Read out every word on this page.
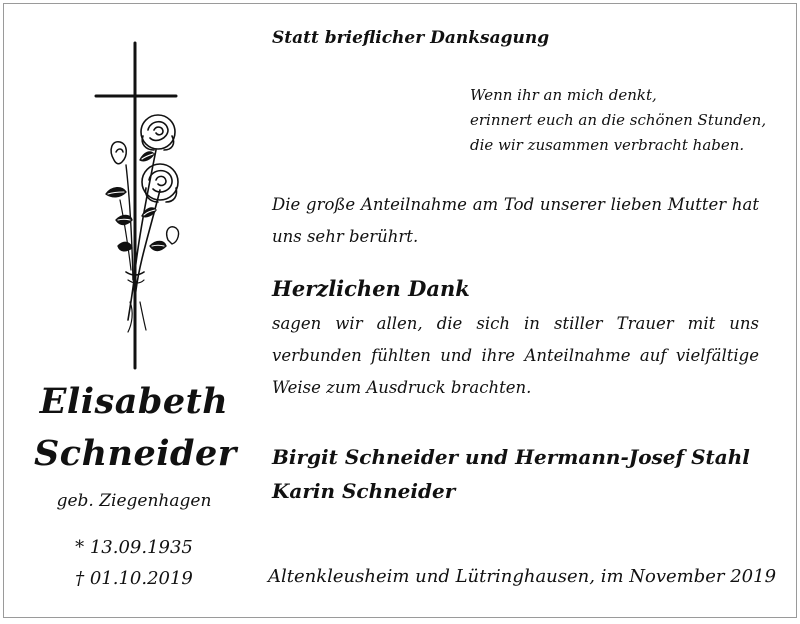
Elisabeth
Schneider
geb. Ziegenhagen
* 13.09.1935
† 01.10.2019
Statt brieflicher Danksagung
Wenn ihr an mich denkt,
erinnert euch an die schönen Stunden,
die wir zusammen verbracht haben.
Die große Anteilnahme am Tod unserer lieben Mutter hat uns sehr berührt.
Herzlichen Dank
sagen wir allen, die sich in stiller Trauer mit uns verbunden fühlten und ihre Anteilnahme auf vielfältige Weise zum Ausdruck brachten.
Birgit Schneider und Hermann-Josef Stahl
Karin Schneider
Altenkleusheim und Lütringhausen, im November 2019
